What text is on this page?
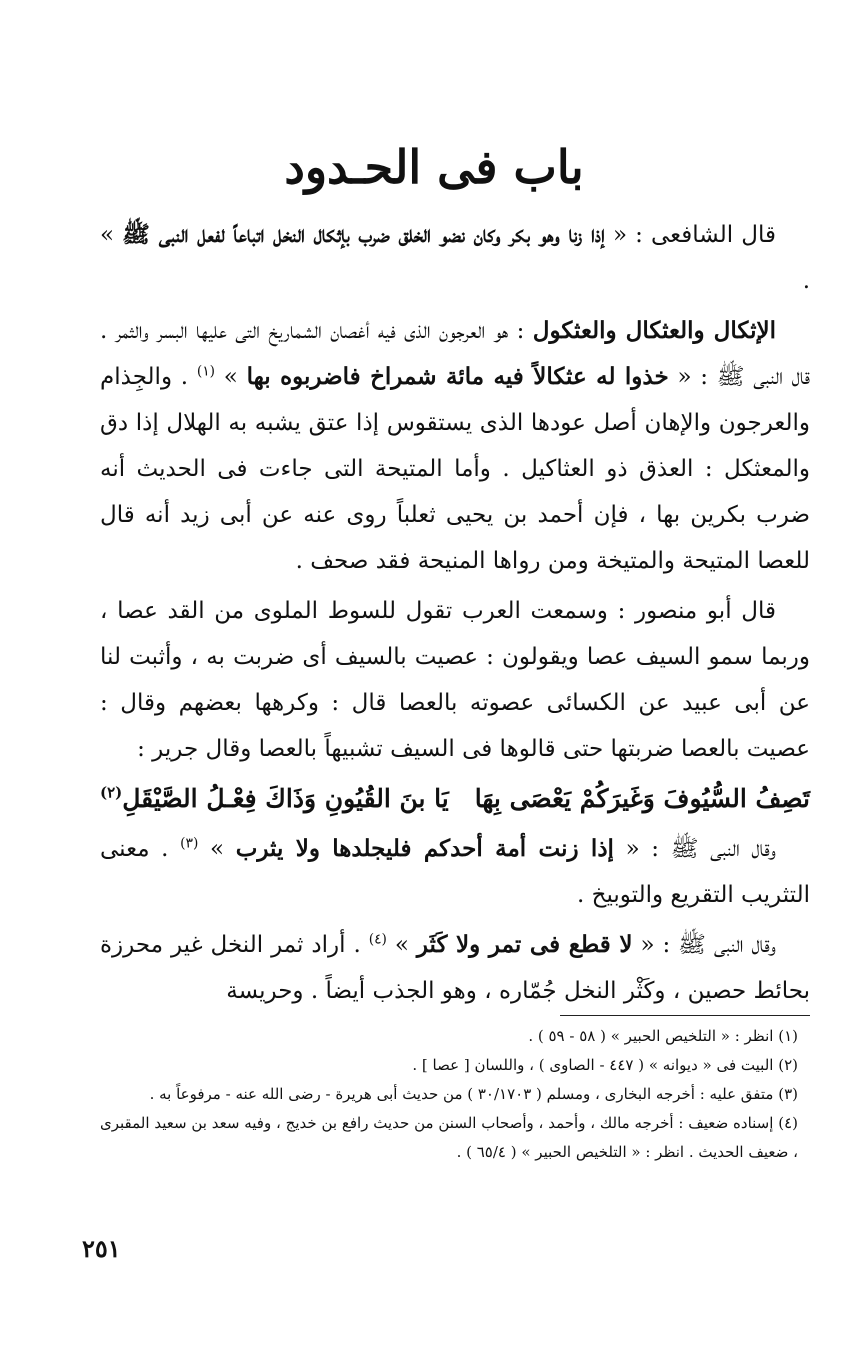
باب فى الحـدود

قال الشافعى : « إذا زنا وهو بكر وكان نضو الخلق ضرب بإثكال النخل اتباعاً لفعل النبى ﷺ » .

الإثكال والعثكال والعثكول : هو العرجون الذى فيه أغصان الشماريخ التى عليها البسر والثمر . قال النبى ﷺ : « خذوا له عثكالاً فيه مائة شمراخ فاضربوه بها » $^{(١)}$ . والجِذام والعرجون والإهان أصل عودها الذى يستقوس إذا عتق يشبه به الهلال إذا دق والمعثكل : العذق ذو العثاكيل . وأما المتيحة التى جاءت فى الحديث أنه ضرب بكرين بها ، فإن أحمد بن يحيى ثعلباً روى عنه عن أبى زيد أنه قال للعصا المتيحة والمتيخة ومن رواها المنيحة فقد صحف .

قال أبو منصور : وسمعت العرب تقول للسوط الملوى من القد عصا ، وربما سمو السيف عصا ويقولون : عصيت بالسيف أى ضربت به ، وأثبت لنا عن أبى عبيد عن الكسائى عصوته بالعصا قال : وكرهها بعضهم وقال : عصيت بالعصا ضربتها حتى قالوها فى السيف تشبيهاً بالعصا وقال جرير :

تَصِفُ السُّيُوفَ وَغَيرَكُمْ يَعْصَى بِهَايَا بنَ القُيُونِ وَذَاكَ فِعْـلُ الصَّيْقَلِ$^{(٢)}$

وقال النبى ﷺ : « إذا زنت أمة أحدكم فليجلدها ولا يثرب » $^{(٣)}$ . معنى التثريب التقريع والتوبيخ .

وقال النبى ﷺ : « لا قطع فى تمر ولا كَثَر » $^{(٤)}$ . أراد ثمر النخل غير محرزة بحائط حصين ، وكَثْر النخل جُمّاره ، وهو الجذب أيضاً . وحريسة

(١) انظر : « التلخيص الحبير » ( ٥٨ - ٥٩ ) .

(٢) البيت فى « ديوانه » ( ٤٤٧ - الصاوى ) ، واللسان [ عصا ] .

(٣) متفق عليه : أخرجه البخارى ، ومسلم ( ٣٠/١٧٠٣ ) من حديث أبى هريرة - رضى الله عنه - مرفوعاً به .

(٤) إسناده ضعيف : أخرجه مالك ، وأحمد ، وأصحاب السنن من حديث رافع بن خديج ، وفيه سعد بن سعيد المقبرى ، ضعيف الحديث . انظر : « التلخيص الحبير » ( ٦٥/٤ ) .

٢٥١
